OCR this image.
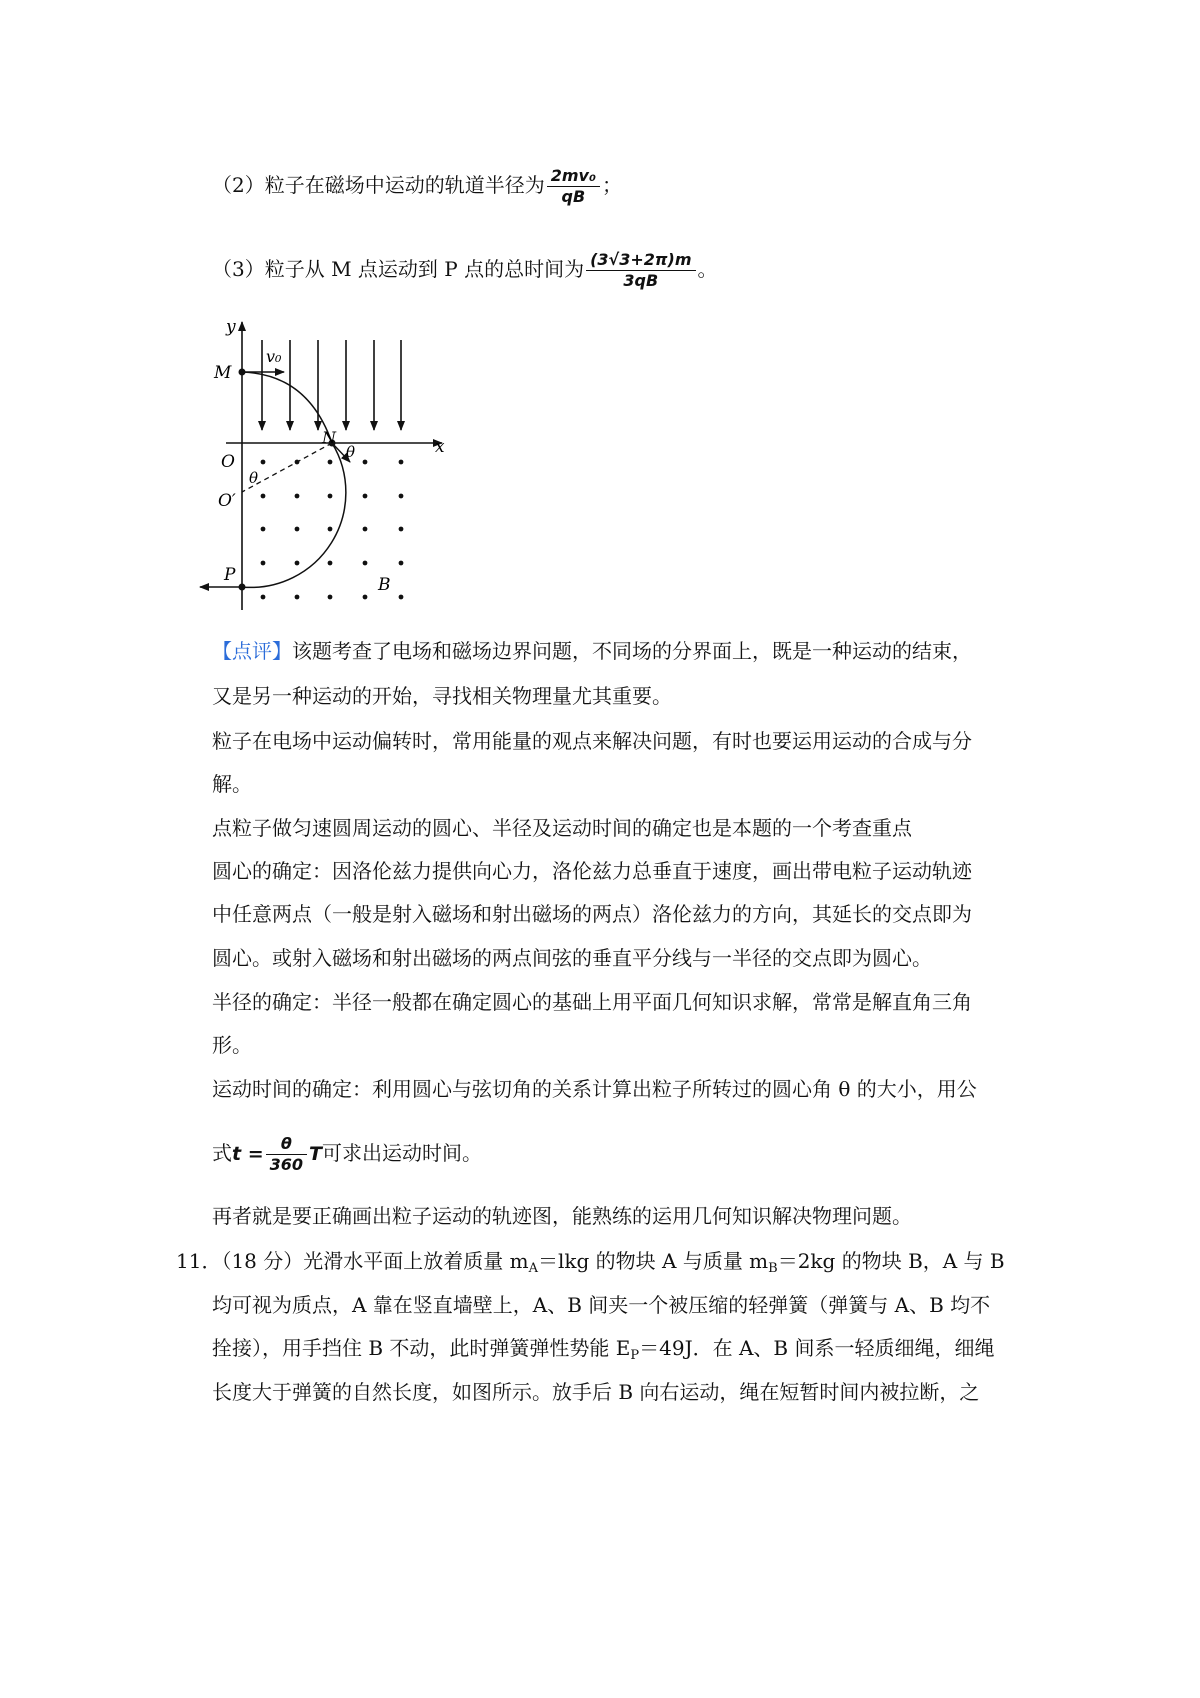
（2）粒子在磁场中运动的轨道半径为 $\frac{\text{2mv₀}}{qB}$ ；
（3）粒子从 M 点运动到 P 点的总时间为 $\frac{(3√3+2\pi)m}{3qB}$ 。
y
x
M
v₀
N
θ
O
O′
θ
P	B
【点评】该题考查了电场和磁场边界问题，不同场的分界面上，既是一种运动的结束，
又是另一种运动的开始，寻找相关物理量尤其重要。
粒子在电场中运动偏转时，常用能量的观点来解决问题，有时也要运用运动的合成与分
解。
点粒子做匀速圆周运动的圆心、半径及运动时间的确定也是本题的一个考查重点
圆心的确定：因洛伦兹力提供向心力，洛伦兹力总垂直于速度，画出带电粒子运动轨迹
中任意两点（一般是射入磁场和射出磁场的两点）洛伦兹力的方向，其延长的交点即为
圆心。或射入磁场和射出磁场的两点间弦的垂直平分线与一半径的交点即为圆心。
半径的确定：半径一般都在确定圆心的基础上用平面几何知识求解，常常是解直角三角
形。
运动时间的确定：利用圆心与弦切角的关系计算出粒子所转过的圆心角 θ 的大小，用公
式$t = \frac{\theta}{360}$ T可求出运动时间。
再者就是要正确画出粒子运动的轨迹图，能熟练的运用几何知识解决物理问题。
11．（18 分）光滑水平面上放着质量 $m_A=lkg$ 的物块 A 与质量 $m_B=2kg$ 的物块 B，A 与 B
均可视为质点，A 靠在竖直墙壁上，A、B 间夹一个被压缩的轻弹簧（弹簧与 A、B 均不
拴接），用手挡住 B 不动，此时弹簧弹性势能 $E_P=49J$．在 A、B 间系一轻质细绳，细绳
长度大于弹簧的自然长度，如图所示。放手后 B 向右运动，绳在短暂时间内被拉断，之
